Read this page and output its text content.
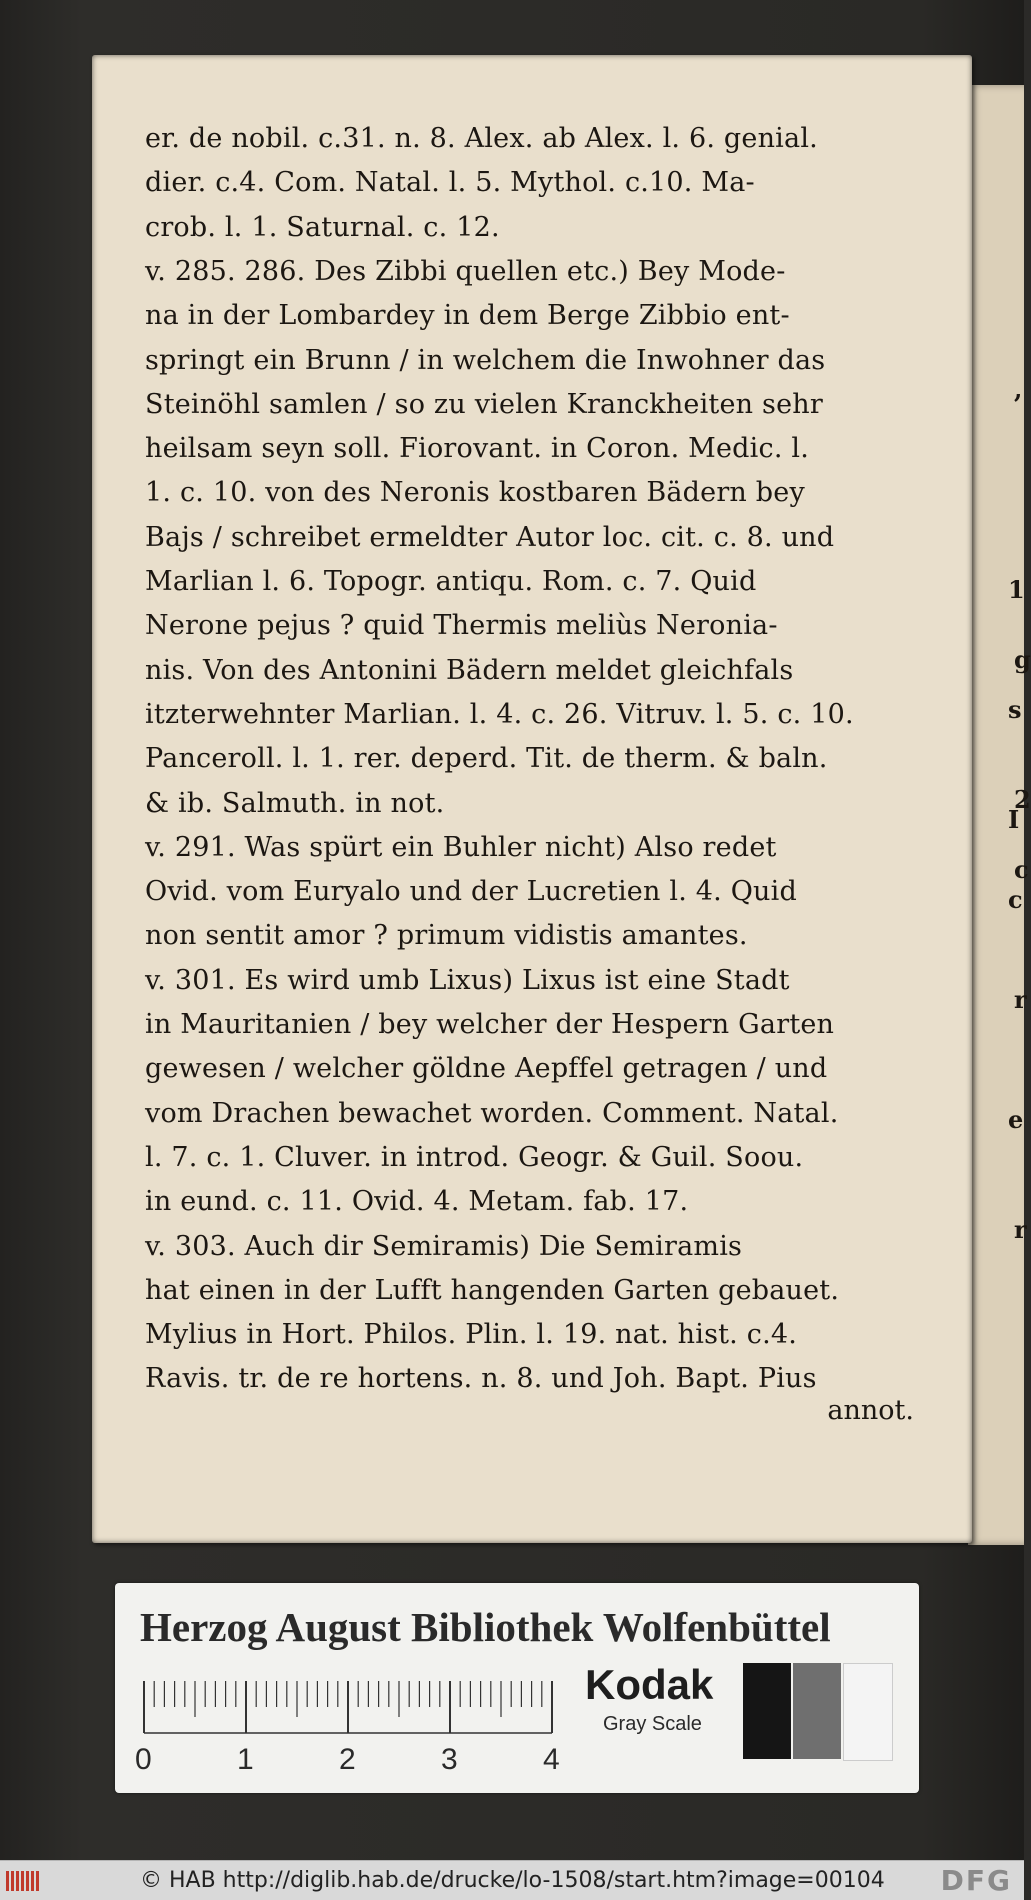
,
1
g
s
2
I
c
c
r
e
r
er. de nobil. c.31. n. 8. Alex. ab Alex. l. 6. genial.
dier. c.4. Com. Natal. l. 5. Mythol. c.10. Ma-
crob. l. 1. Saturnal. c. 12.
v. 285. 286. Des Zibbi quellen etc.) Bey Mode-
na in der Lombardey in dem Berge Zibbio ent-
springt ein Brunn / in welchem die Inwohner das
Steinöhl samlen / so zu vielen Kranckheiten sehr
heilsam seyn soll. Fiorovant. in Coron. Medic. l.
1. c. 10. von des Neronis kostbaren Bädern bey
Bajs / schreibet ermeldter Autor loc. cit. c. 8. und
Marlian l. 6. Topogr. antiqu. Rom. c. 7. Quid
Nerone pejus ? quid Thermis meliùs Neronia-
nis. Von des Antonini Bädern meldet gleichfals
itzterwehnter Marlian. l. 4. c. 26. Vitruv. l. 5. c. 10.
Panceroll. l. 1. rer. deperd. Tit. de therm. & baln.
& ib. Salmuth. in not.
v. 291. Was spürt ein Buhler nicht) Also redet
Ovid. vom Euryalo und der Lucretien l. 4. Quid
non sentit amor ? primum vidistis amantes.
v. 301. Es wird umb Lixus) Lixus ist eine Stadt
in Mauritanien / bey welcher der Hespern Garten
gewesen / welcher göldne Aepffel getragen / und
vom Drachen bewachet worden. Comment. Natal.
l. 7. c. 1. Cluver. in introd. Geogr. & Guil. Soou.
in eund. c. 11. Ovid. 4. Metam. fab. 17.
v. 303. Auch dir Semiramis) Die Semiramis
hat einen in der Lufft hangenden Garten gebauet.
Mylius in Hort. Philos. Plin. l. 19. nat. hist. c.4.
Ravis. tr. de re hortens. n. 8. und Joh. Bapt. Pius
annot.
Herzog August Bibliothek Wolfenbüttel
0	1	2	3	4
Kodak
Gray Scale
© HAB http://diglib.hab.de/drucke/lo-1508/start.htm?image=00104 DFG
